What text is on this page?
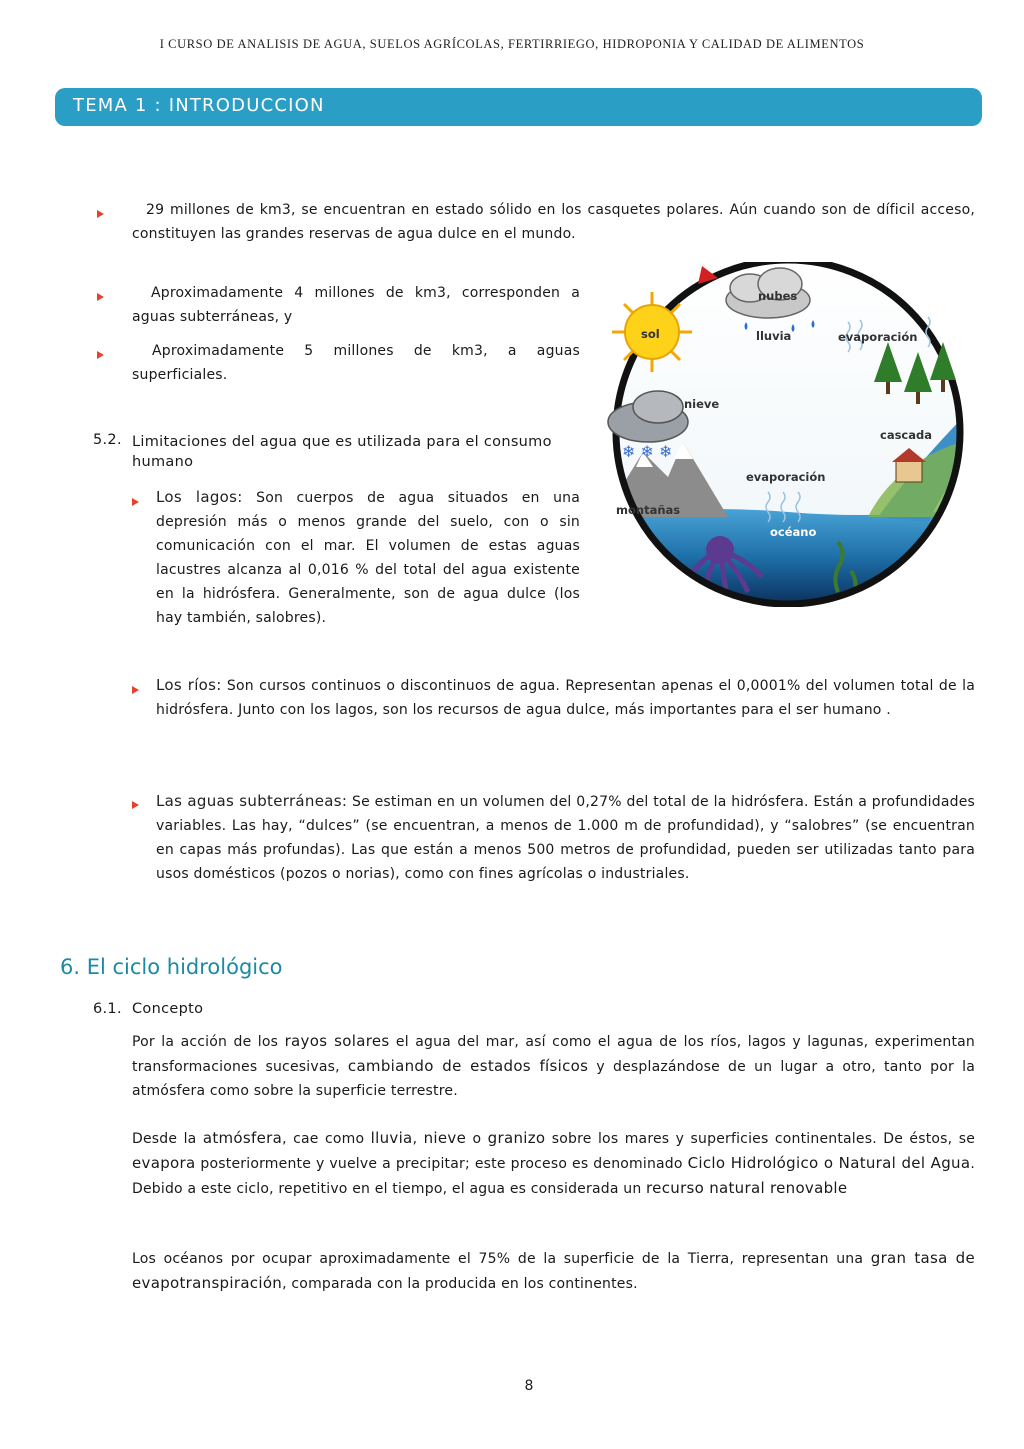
I CURSO DE ANALISIS DE AGUA, SUELOS AGRÍCOLAS, FERTIRRIEGO, HIDROPONIA Y CALIDAD DE ALIMENTOS
TEMA 1 : INTRODUCCION
29 millones de km3, se encuentran en estado sólido en los casquetes polares. Aún cuando son de díficil acceso, constituyen las grandes reservas de agua dulce en el mundo.
Aproximadamente 4 millones de km3, corresponden a aguas subterráneas, y
Aproximadamente 5 millones de km3, a aguas superficiales.
5.2. Limitaciones del agua que es utilizada para el consumo humano
Los lagos: Son cuerpos de agua situados en una depresión más o menos grande del suelo, con o sin comunicación con el mar. El volumen de estas aguas lacustres alcanza al 0,016 % del total del agua existente en la hidrósfera. Generalmente, son de agua dulce (los hay también, salobres).
Los ríos: Son cursos continuos o discontinuos de agua. Representan apenas el 0,0001% del volumen total de la hidrósfera. Junto con los lagos, son los recursos de agua dulce, más importantes para el ser humano .
Las aguas subterráneas: Se estiman en un volumen del 0,27% del total de la hidrósfera. Están a profundidades variables. Las hay, “dulces” (se encuentran, a menos de 1.000 m de profundidad), y “salobres” (se encuentran en capas más profundas). Las que están a menos 500 metros de profundidad, pueden ser utilizadas tanto para usos domésticos (pozos o norias), como con fines agrícolas o industriales.
❄ ❄ ❄
sol
nubes
lluvia	evaporación
nieve
cascada
evaporación
montañas
océano
6. El ciclo hidrológico
6.1. Concepto
Por la acción de los rayos solares el agua del mar, así como el agua de los ríos, lagos y lagunas, experimentan transformaciones sucesivas, cambiando de estados físicos y desplazándose de un lugar a otro, tanto por la atmósfera como sobre la superficie terrestre.
Desde la atmósfera, cae como lluvia, nieve o granizo sobre los mares y superficies continentales. De éstos, se evapora posteriormente y vuelve a precipitar; este proceso es denominado Ciclo Hidrológico o Natural del Agua. Debido a este ciclo, repetitivo en el tiempo, el agua es considerada un recurso natural renovable
Los océanos por ocupar aproximadamente el 75% de la superficie de la Tierra, representan una gran tasa de evapotranspiración, comparada con la producida en los continentes.
8
